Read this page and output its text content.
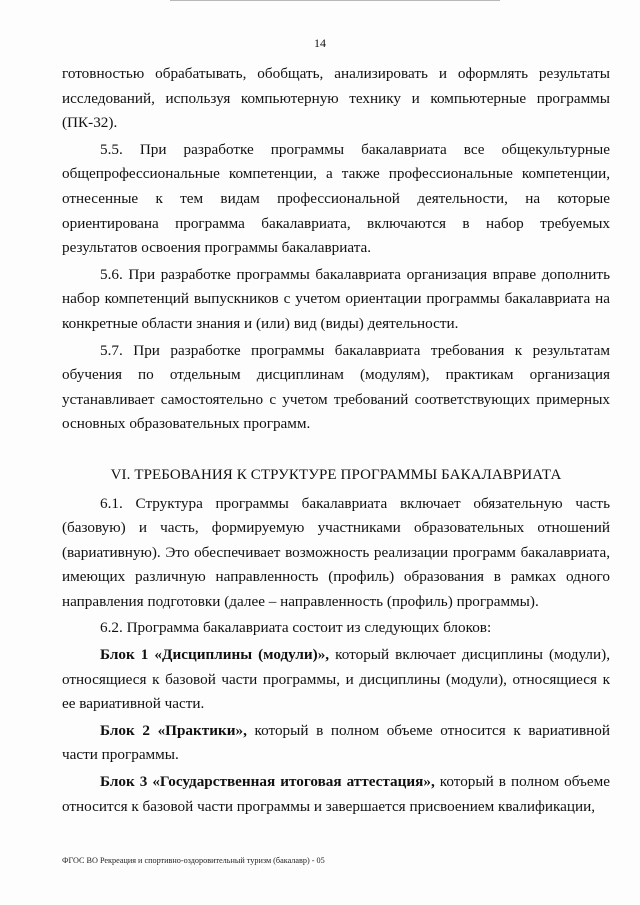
14

готовностью обрабатывать, обобщать, анализировать и оформлять результаты исследований, используя компьютерную технику и компьютерные программы (ПК-32).

5.5. При разработке программы бакалавриата все общекультурные общепрофессиональные компетенции, а также профессиональные компетенции, отнесенные к тем видам профессиональной деятельности, на которые ориентирована программа бакалавриата, включаются в набор требуемых результатов освоения программы бакалавриата.

5.6. При разработке программы бакалавриата организация вправе дополнить набор компетенций выпускников с учетом ориентации программы бакалавриата на конкретные области знания и (или) вид (виды) деятельности.

5.7. При разработке программы бакалавриата требования к результатам обучения по отдельным дисциплинам (модулям), практикам организация устанавливает самостоятельно с учетом требований соответствующих примерных основных образовательных программ.

VI. ТРЕБОВАНИЯ К СТРУКТУРЕ ПРОГРАММЫ БАКАЛАВРИАТА

6.1. Структура программы бакалавриата включает обязательную часть (базовую) и часть, формируемую участниками образовательных отношений (вариативную). Это обеспечивает возможность реализации программ бакалавриата, имеющих различную направленность (профиль) образования в рамках одного направления подготовки (далее – направленность (профиль) программы).

6.2. Программа бакалавриата состоит из следующих блоков:

Блок 1 «Дисциплины (модули)», который включает дисциплины (модули), относящиеся к базовой части программы, и дисциплины (модули), относящиеся к ее вариативной части.

Блок 2 «Практики», который в полном объеме относится к вариативной части программы.

Блок 3 «Государственная итоговая аттестация», который в полном объеме относится к базовой части программы и завершается присвоением квалификации,

ФГОС ВО Рекреация и спортивно-оздоровительный туризм (бакалавр) - 05
